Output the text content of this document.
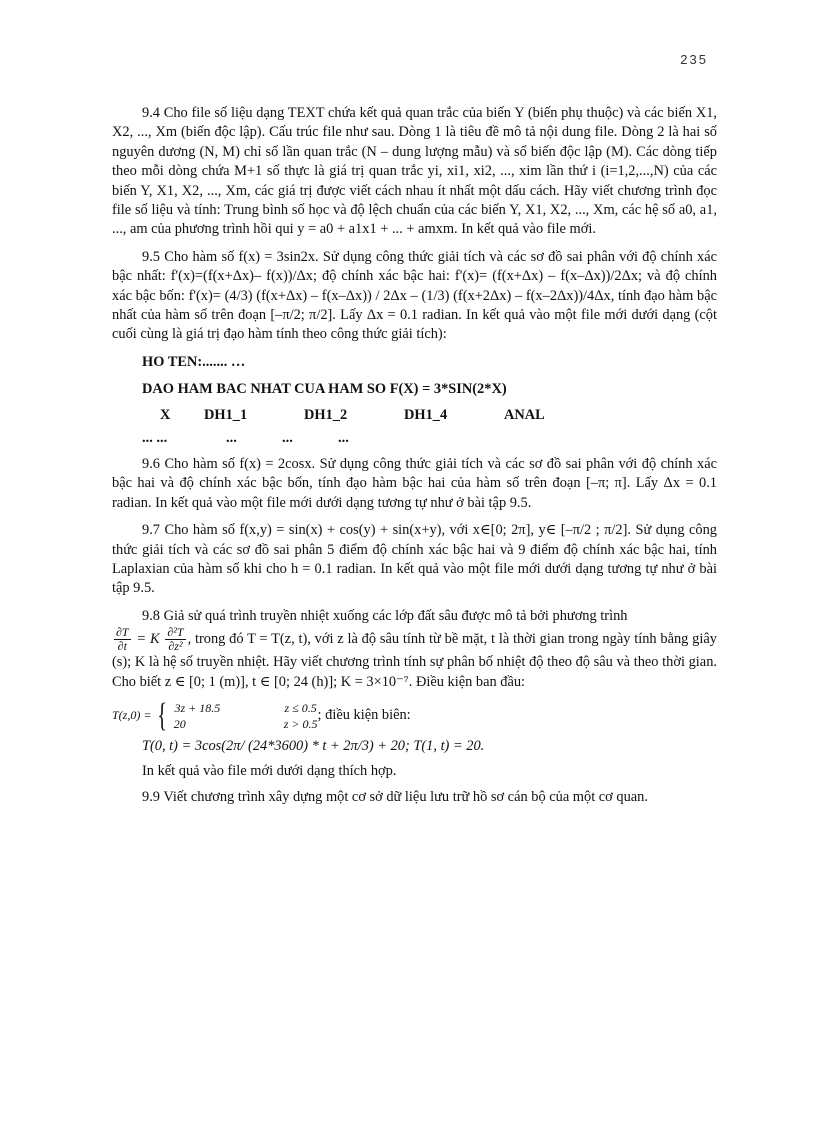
235

9.4 Cho file số liệu dạng TEXT chứa kết quả quan trắc của biến Y (biến phụ thuộc) và các biến X1, X2, ..., Xm (biến độc lập). Cấu trúc file như sau. Dòng 1 là tiêu đề mô tả nội dung file. Dòng 2 là hai số nguyên dương (N, M) chỉ số lần quan trắc (N – dung lượng mẫu) và số biến độc lập (M). Các dòng tiếp theo mỗi dòng chứa M+1 số thực là giá trị quan trắc yi, xi1, xi2, ..., xim lần thứ i (i=1,2,...,N) của các biến Y, X1, X2, ..., Xm, các giá trị được viết cách nhau ít nhất một dấu cách. Hãy viết chương trình đọc file số liệu và tính: Trung bình số học và độ lệch chuẩn của các biến Y, X1, X2, ..., Xm, các hệ số a0, a1, ..., am của phương trình hồi qui y = a0 + a1x1 + ... + amxm. In kết quả vào file mới.

9.5 Cho hàm số f(x) = 3sin2x. Sử dụng công thức giải tích và các sơ đồ sai phân với độ chính xác bậc nhất: f'(x)=(f(x+Δx)– f(x))/Δx; độ chính xác bậc hai: f'(x)= (f(x+Δx) – f(x–Δx))/2Δx; và độ chính xác bậc bốn: f'(x)= (4/3) (f(x+Δx) – f(x–Δx)) / 2Δx – (1/3) (f(x+2Δx) – f(x–2Δx))/4Δx, tính đạo hàm bậc nhất của hàm số trên đoạn [–π/2; π/2]. Lấy Δx = 0.1 radian. In kết quả vào một file mới dưới dạng (cột cuối cùng là giá trị đạo hàm tính theo công thức giải tích):

HO TEN:....... …
DAO HAM BAC NHAT CUA HAM SO F(X) = 3*SIN(2*X)
X	DH1_1	DH1_2	DH1_4	ANAL
... ...	...	...	...

9.6 Cho hàm số f(x) = 2cosx. Sử dụng công thức giải tích và các sơ đồ sai phân với độ chính xác bậc hai và độ chính xác bậc bốn, tính đạo hàm bậc hai của hàm số trên đoạn [–π; π]. Lấy Δx = 0.1 radian. In kết quả vào một file mới dưới dạng tương tự như ở bài tập 9.5.

9.7 Cho hàm số f(x,y) = sin(x) + cos(y) + sin(x+y), với x∈[0; 2π], y∈ [–π/2 ; π/2]. Sử dụng công thức giải tích và các sơ đồ sai phân 5 điểm độ chính xác bậc hai và 9 điểm độ chính xác bậc hai, tính Laplaxian của hàm số khi cho h = 0.1 radian. In kết quả vào một file mới dưới dạng tương tự như ở bài tập 9.5.

9.8 Giả sử quá trình truyền nhiệt xuống các lớp đất sâu được mô tả bởi phương trình

$\frac{\partial T}{\partial t} = K \frac{\text{∂²T}}{\text{∂z²}}$ , trong đó T = T(z, t), với z là độ sâu tính từ bề mặt, t là thời gian trong ngày tính bằng giây (s); K là hệ số truyền nhiệt. Hãy viết chương trình tính sự phân bố nhiệt độ theo độ sâu và theo thời gian. Cho biết z ∈ [0; 1 (m)], t ∈ [0; 24 (h)]; K = 3×10⁻⁷. Điều kiện ban đầu:

T(z,0) = { 3z + 18.5	z ≤ 0.5
20	z > 0.5
; điều kiện biên:
T(0, t) = 3cos(2π/ (24*3600) * t + 2π/3) + 20; T(1, t) = 20.
In kết quả vào file mới dưới dạng thích hợp.

9.9 Viết chương trình xây dựng một cơ sở dữ liệu lưu trữ hồ sơ cán bộ của một cơ quan.
